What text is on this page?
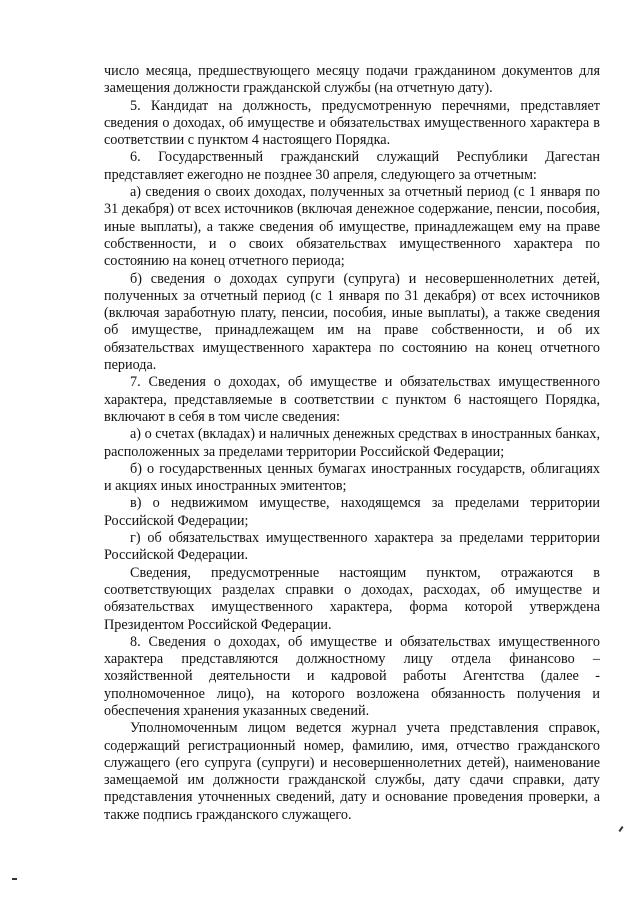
число месяца, предшествующего месяцу подачи гражданином документов для замещения должности гражданской службы (на отчетную дату).

5. Кандидат на должность, предусмотренную перечнями, представляет сведения о доходах, об имуществе и обязательствах имущественного характера в соответствии с пунктом 4 настоящего Порядка.

6. Государственный гражданский служащий Республики Дагестан представляет ежегодно не позднее 30 апреля, следующего за отчетным:

а) сведения о своих доходах, полученных за отчетный период (с 1 января по 31 декабря) от всех источников (включая денежное содержание, пенсии, пособия, иные выплаты), а также сведения об имуществе, принадлежащем ему на праве собственности, и о своих обязательствах имущественного характера по состоянию на конец отчетного периода;

б) сведения о доходах супруги (супруга) и несовершеннолетних детей, полученных за отчетный период (с 1 января по 31 декабря) от всех источников (включая заработную плату, пенсии, пособия, иные выплаты), а также сведения об имуществе, принадлежащем им на праве собственности, и об их обязательствах имущественного характера по состоянию на конец отчетного периода.

7. Сведения о доходах, об имуществе и обязательствах имущественного характера, представляемые в соответствии с пунктом 6 настоящего Порядка, включают в себя в том числе сведения:

а) о счетах (вкладах) и наличных денежных средствах в иностранных банках, расположенных за пределами территории Российской Федерации;

б) о государственных ценных бумагах иностранных государств, облигациях и акциях иных иностранных эмитентов;

в) о недвижимом имуществе, находящемся за пределами территории Российской Федерации;

г) об обязательствах имущественного характера за пределами территории Российской Федерации.

Сведения, предусмотренные настоящим пунктом, отражаются в соответствующих разделах справки о доходах, расходах, об имуществе и обязательствах имущественного характера, форма которой утверждена Президентом Российской Федерации.

8. Сведения о доходах, об имуществе и обязательствах имущественного характера представляются должностному лицу отдела финансово – хозяйственной деятельности и кадровой работы Агентства (далее - уполномоченное лицо), на которого возложена обязанность получения и обеспечения хранения указанных сведений.

Уполномоченным лицом ведется журнал учета представления справок, содержащий регистрационный номер, фамилию, имя, отчество гражданского служащего (его супруга (супруги) и несовершеннолетних детей), наименование замещаемой им должности гражданской службы, дату сдачи справки, дату представления уточненных сведений, дату и основание проведения проверки, а также подпись гражданского служащего.
